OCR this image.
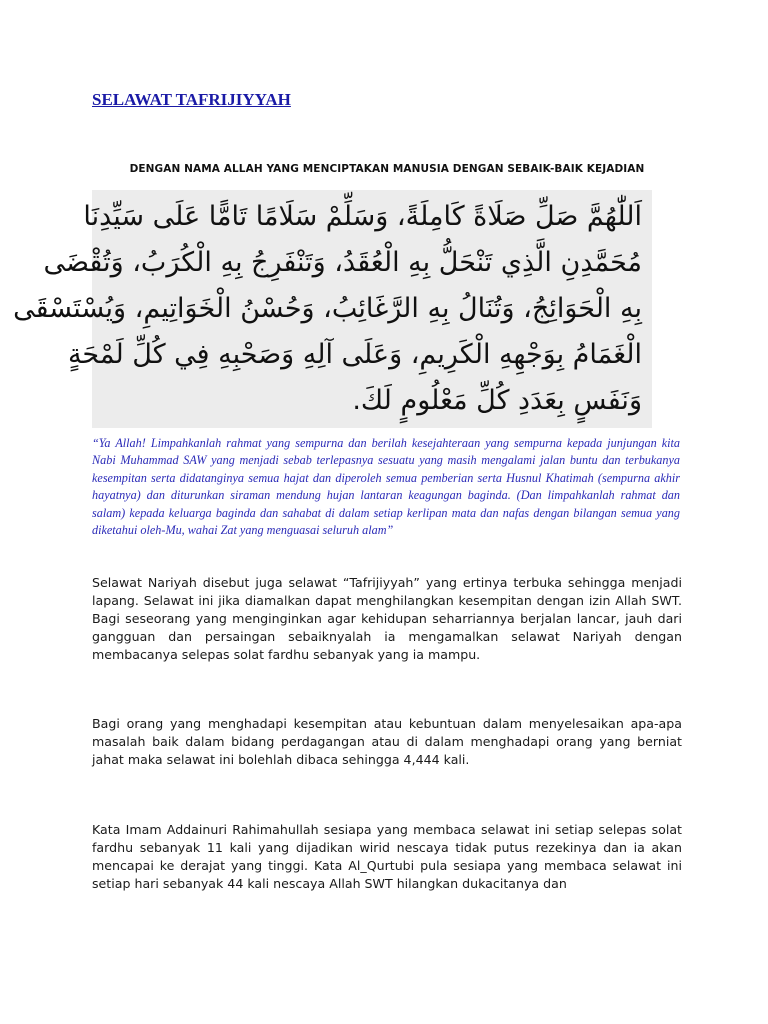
SELAWAT TAFRIJIYYAH
DENGAN NAMA ALLAH YANG MENCIPTAKAN MANUSIA DENGAN SEBAIK-BAIK KEJADIAN
اَللّٰهُمَّ صَلِّ صَلَاةً كَامِلَةً، وَسَلِّمْ سَلَامًا تَامًّا عَلَى سَيِّدِنَا
مُحَمَّدِنِ الَّذِي تَنْحَلُّ بِهِ الْعُقَدُ، وَتَنْفَرِجُ بِهِ الْكُرَبُ، وَتُقْضَى
بِهِ الْحَوَائِجُ، وَتُنَالُ بِهِ الرَّغَائِبُ، وَحُسْنُ الْخَوَاتِيمِ، وَيُسْتَسْقَى
الْغَمَامُ بِوَجْهِهِ الْكَرِيمِ، وَعَلَى آلِهِ وَصَحْبِهِ فِي كُلِّ لَمْحَةٍ
وَنَفَسٍ بِعَدَدِ كُلِّ مَعْلُومٍ لَكَ.

“Ya Allah! Limpahkanlah rahmat yang sempurna dan berilah kesejahteraan yang sempurna kepada junjungan kita Nabi Muhammad SAW yang menjadi sebab terlepasnya sesuatu yang masih mengalami jalan buntu dan terbukanya kesempitan serta didatanginya semua hajat dan diperoleh semua pemberian serta Husnul Khatimah (sempurna akhir hayatnya) dan diturunkan siraman mendung hujan lantaran keagungan baginda. (Dan limpahkanlah rahmat dan salam) kepada keluarga baginda dan sahabat di dalam setiap kerlipan mata dan nafas dengan bilangan semua yang diketahui oleh-Mu, wahai Zat yang menguasai seluruh alam”

Selawat Nariyah disebut juga selawat “Tafrijiyyah” yang ertinya terbuka sehingga menjadi lapang. Selawat ini jika diamalkan dapat menghilangkan kesempitan dengan izin Allah SWT. Bagi seseorang yang menginginkan agar kehidupan seharriannya berjalan lancar, jauh dari gangguan dan persaingan sebaiknyalah ia mengamalkan selawat Nariyah dengan membacanya selepas solat fardhu sebanyak yang ia mampu.

Bagi orang yang menghadapi kesempitan atau kebuntuan dalam menyelesaikan apa-apa masalah baik dalam bidang perdagangan atau di dalam menghadapi orang yang berniat jahat maka selawat ini bolehlah dibaca sehingga 4,444 kali.

Kata Imam Addainuri Rahimahullah sesiapa yang membaca selawat ini setiap selepas solat fardhu sebanyak 11 kali yang dijadikan wirid nescaya tidak putus rezekinya dan ia akan mencapai ke derajat yang tinggi. Kata Al_Qurtubi pula sesiapa yang membaca selawat ini setiap hari sebanyak 44 kali nescaya Allah SWT hilangkan dukacitanya dan
